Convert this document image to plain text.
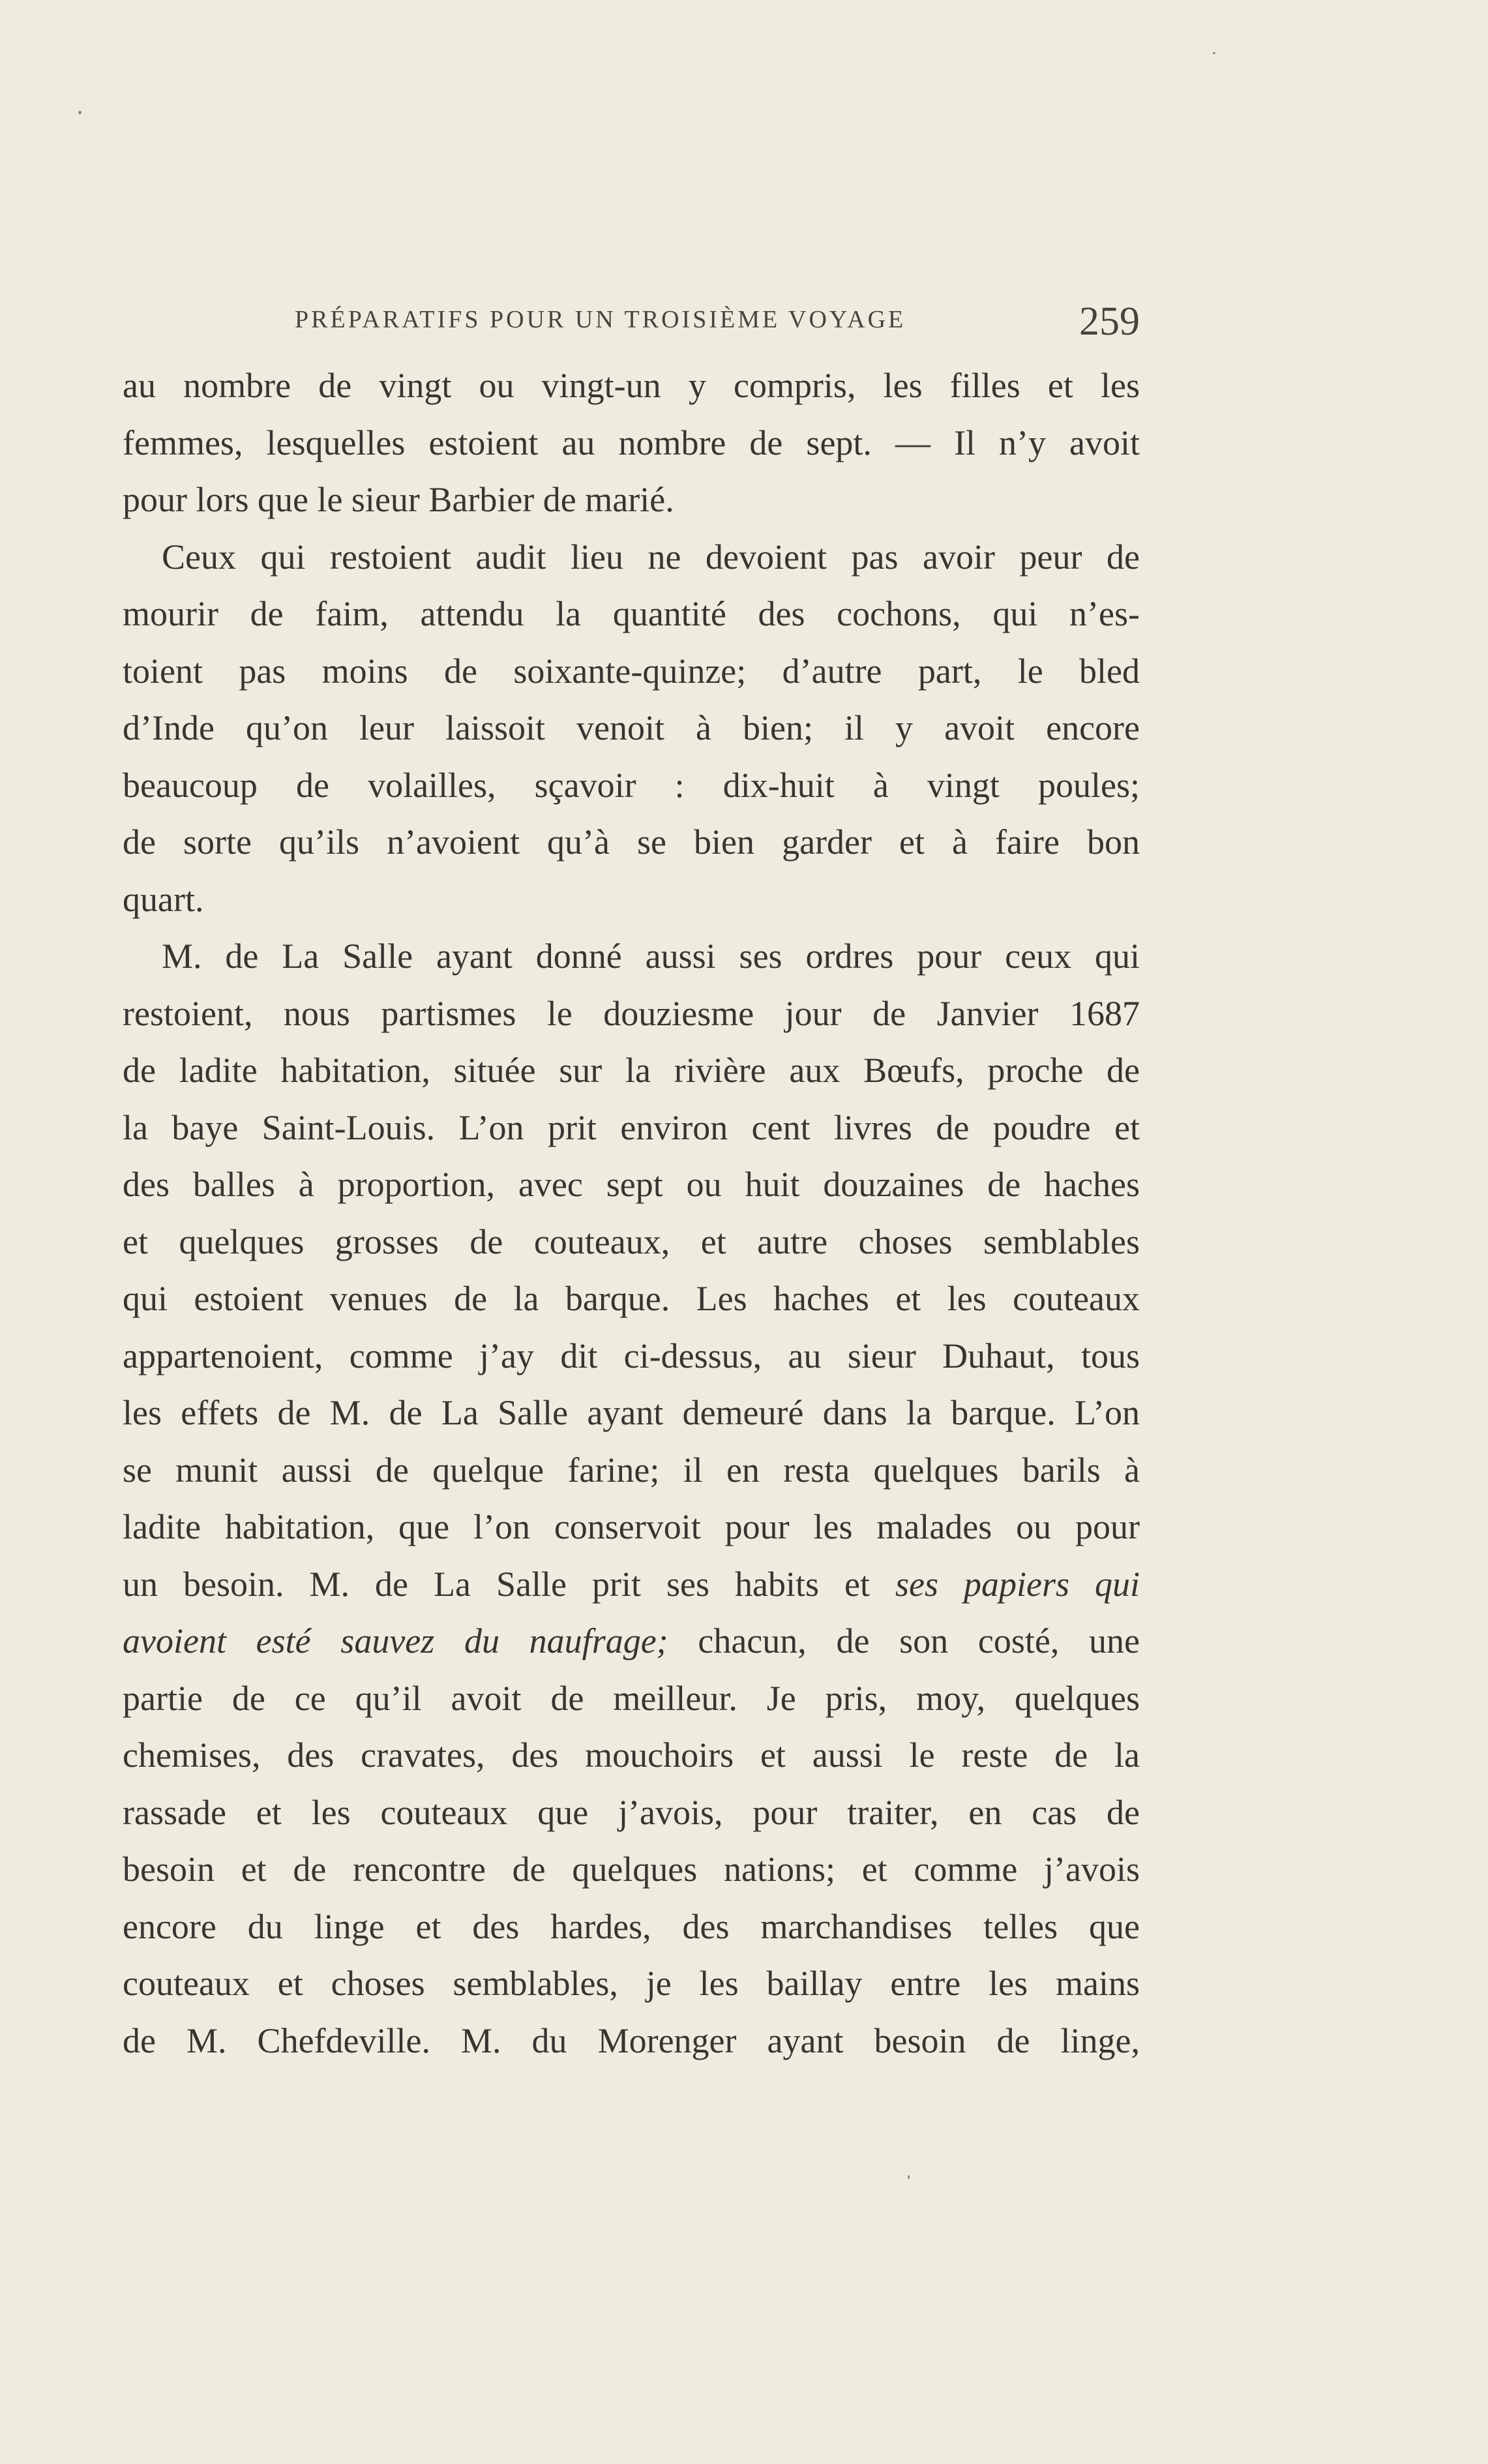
PRÉPARATIFS POUR UN TROISIÈME VOYAGE	259
au nombre de vingt ou vingt-un y compris, les filles et les
femmes, lesquelles estoient au nombre de sept. — Il n’y avoit
pour lors que le sieur Barbier de marié.
Ceux qui restoient audit lieu ne devoient pas avoir peur de
mourir de faim, attendu la quantité des cochons, qui n’es-
toient pas moins de soixante-quinze; d’autre part, le bled
d’Inde qu’on leur laissoit venoit à bien; il y avoit encore
beaucoup de volailles, sçavoir : dix-huit à vingt poules;
de sorte qu’ils n’avoient qu’à se bien garder et à faire bon
quart.
M. de La Salle ayant donné aussi ses ordres pour ceux qui
restoient, nous partismes le douziesme jour de Janvier 1687
de ladite habitation, située sur la rivière aux Bœufs, proche de
la baye Saint-Louis. L’on prit environ cent livres de poudre et
des balles à proportion, avec sept ou huit douzaines de haches
et quelques grosses de couteaux, et autre choses semblables
qui estoient venues de la barque. Les haches et les couteaux
appartenoient, comme j’ay dit ci-dessus, au sieur Duhaut, tous
les effets de M. de La Salle ayant demeuré dans la barque. L’on
se munit aussi de quelque farine; il en resta quelques barils à
ladite habitation, que l’on conservoit pour les malades ou pour
un besoin. M. de La Salle prit ses habits et ses papiers qui
avoient esté sauvez du naufrage; chacun, de son costé, une
partie de ce qu’il avoit de meilleur. Je pris, moy, quelques
chemises, des cravates, des mouchoirs et aussi le reste de la
rassade et les couteaux que j’avois, pour traiter, en cas de
besoin et de rencontre de quelques nations; et comme j’avois
encore du linge et des hardes, des marchandises telles que
couteaux et choses semblables, je les baillay entre les mains
de M. Chefdeville. M. du Morenger ayant besoin de linge,
